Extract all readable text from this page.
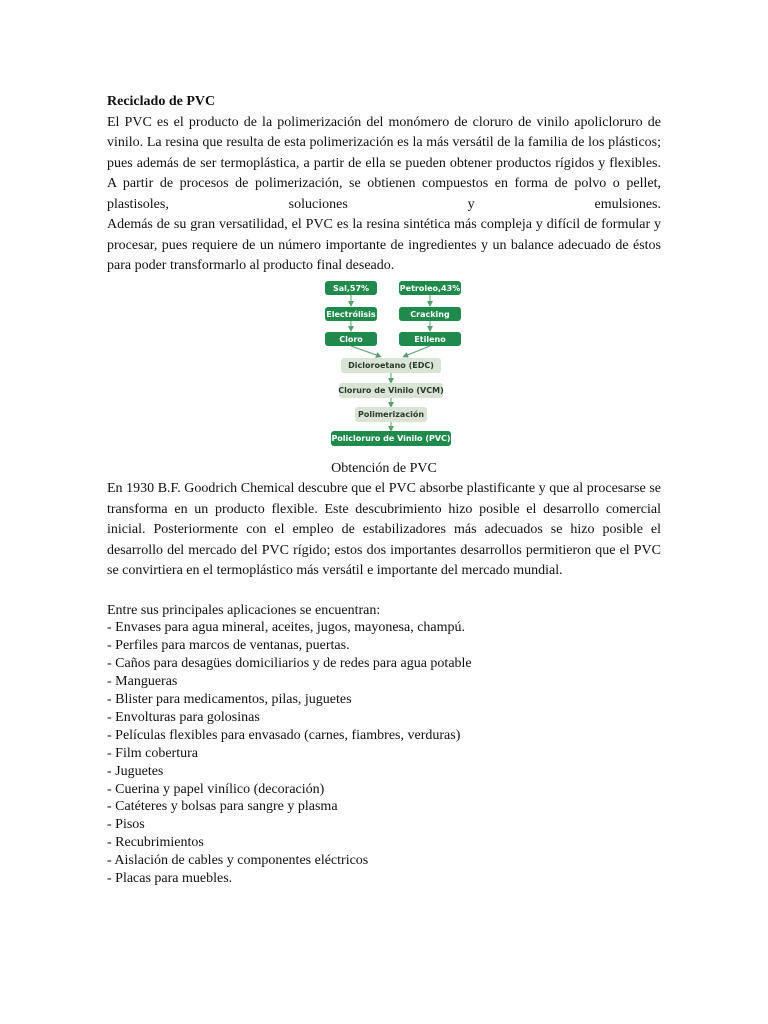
Reciclado de PVC

El PVC es el producto de la polimerización del monómero de cloruro de vinilo apolicloruro de vinilo. La resina que resulta de esta polimerización es la más versátil de la familia de los plásticos; pues además de ser termoplástica, a partir de ella se pueden obtener productos rígidos y flexibles. A partir de procesos de polimerización, se obtienen compuestos en forma de polvo o pellet, plastisoles, soluciones y emulsiones.

Además de su gran versatilidad, el PVC es la resina sintética más compleja y difícil de formular y procesar, pues requiere de un número importante de ingredientes y un balance adecuado de éstos para poder transformarlo al producto final deseado.

Sal,57%	Petroleo,43%
Electrólisis	Cracking
Cloro	Etileno
Dicloroetano (EDC)
Cloruro de Vinilo (VCM)
Polimerización
Policloruro de Vinilo (PVC)

Obtención de PVC

En 1930 B.F. Goodrich Chemical descubre que el PVC absorbe plastificante y que al procesarse se transforma en un producto flexible. Este descubrimiento hizo posible el desarrollo comercial inicial. Posteriormente con el empleo de estabilizadores más adecuados se hizo posible el desarrollo del mercado del PVC rígido; estos dos importantes desarrollos permitieron que el PVC se convirtiera en el termoplástico más versátil e importante del mercado mundial.

Entre sus principales aplicaciones se encuentran:
- Envases para agua mineral, aceites, jugos, mayonesa, champú.
- Perfiles para marcos de ventanas, puertas.
- Caños para desagües domiciliarios y de redes para agua potable
- Mangueras
- Blister para medicamentos, pilas, juguetes
- Envolturas para golosinas
- Películas flexibles para envasado (carnes, fiambres, verduras)
- Film cobertura
- Juguetes
- Cuerina y papel vinílico (decoración)
- Catéteres y bolsas para sangre y plasma
- Pisos
- Recubrimientos
- Aislación de cables y componentes eléctricos
- Placas para muebles.
